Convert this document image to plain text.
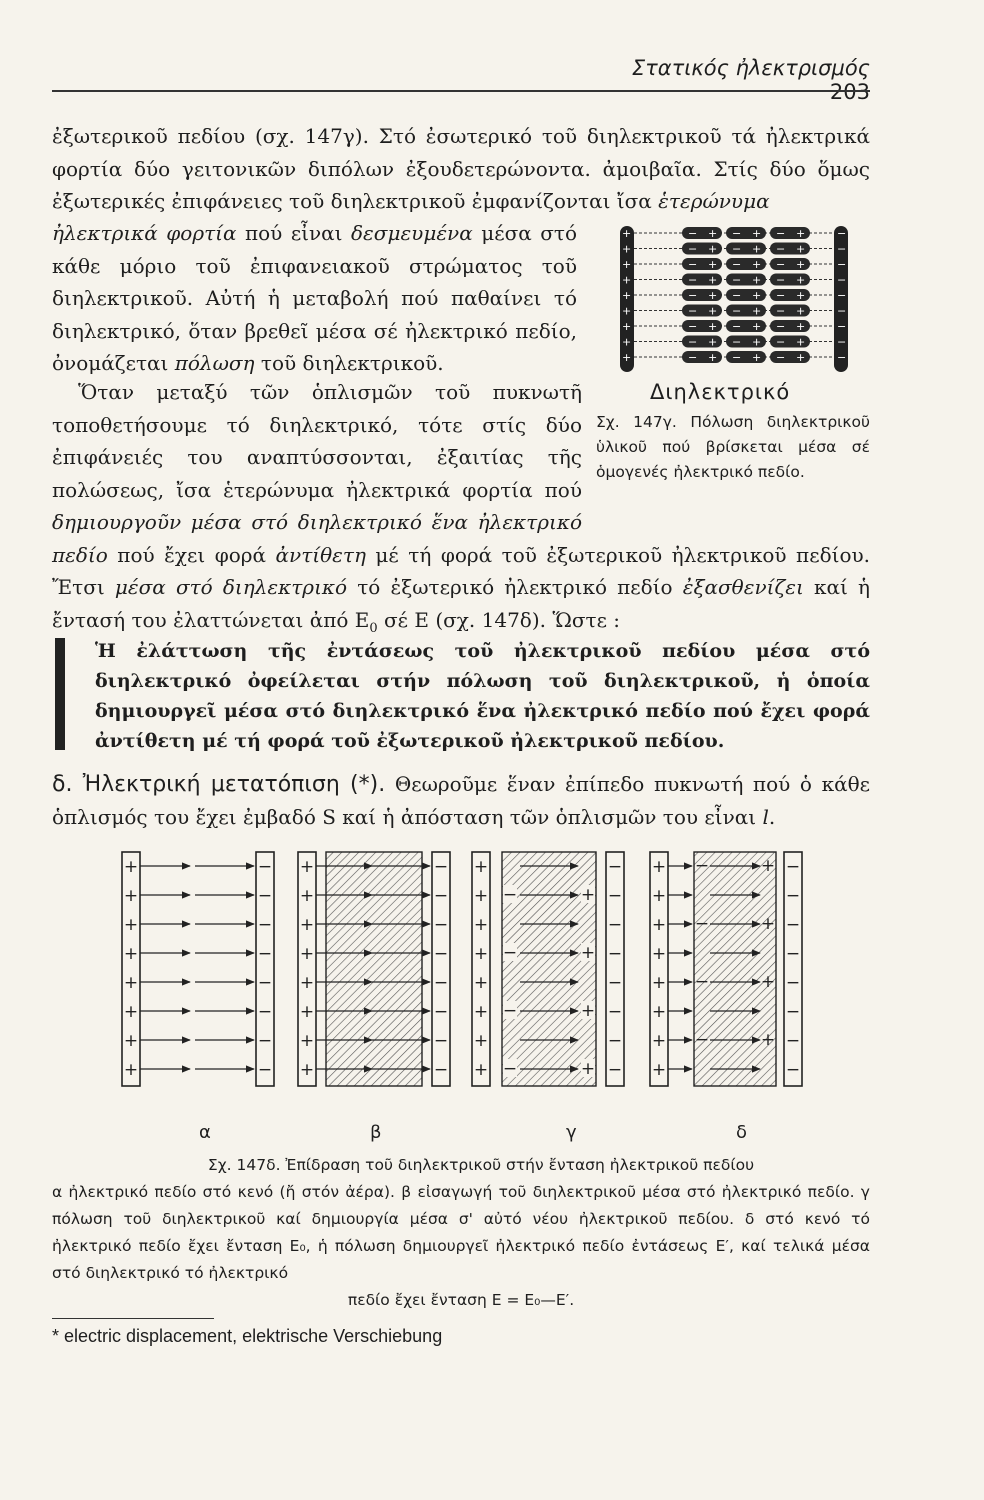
Στατικός ἠλεκτρισμός 203
ἐξωτερικοῦ πεδίου (σχ. 147γ). Στό ἐσωτερικό τοῦ διηλεκτρικοῦ τά ἠλεκτρικά φορτία δύο γειτονικῶν διπόλων ἐξουδετερώνοντα. ἀμοιβαῖα. Στίς δύο ὅμως ἐξωτερικές ἐπιφάνειες τοῦ διηλεκτρικοῦ ἐμφανίζονται ἴσα ἑτερώνυμα
ἠλεκτρικά φορτία πού εἶναι δεσμευμένα μέσα στό κάθε μόριο τοῦ ἐπιφανειακοῦ στρώματος τοῦ διηλεκτρικοῦ. Αὐτή ἡ μεταβολή πού παθαίνει τό διηλεκτρικό, ὅταν βρεθεῖ μέσα σέ ἠλεκτρικό πεδίο, ὀνομάζεται πόλωση τοῦ διηλεκτρικοῦ.
+	−
− + − + − +
+	−
− + − + − +
+	−
− + − + − +
+	−
− + − + − +
+	−
− + − + − +
+	−
− + − + − +
+	−
− + − + − +
+	−
− + − + − +
+	−
− + − + − +
Διηλεκτρικό
Σχ. 147γ. Πόλωση διηλεκτρικοῦ ὑλικοῦ πού βρίσκεται μέσα σέ ὁμογενές ἠλεκτρικό πεδίο.
Ὅταν μεταξύ τῶν ὁπλισμῶν τοῦ πυκνωτῆ τοποθετήσουμε τό διηλεκτρικό, τότε στίς δύο ἐπιφάνειές του αναπτύσσονται, ἐξαιτίας τῆς πολώσεως, ἴσα ἑτερώνυμα ἠλεκτρικά φορτία πού δημιουργοῦν μέσα στό διηλεκτρικό ἕνα ἠλεκτρικό πεδίο πού ἔχει φορά ἀντίθετη μέ τή φορά τοῦ ἐξωτερικοῦ ἠλεκτρικοῦ πεδίου. Ἔτσι μέσα στό διηλεκτρικό τό ἐξωτερικό ἠλεκτρικό πεδίο ἐξασθενίζει καί ἡ ἔντασή του ἐλαττώνεται ἀπό $E_0$ σέ E (σχ. 147δ). Ὥστε :
Ἡ ἐλάττωση τῆς ἐντάσεως τοῦ ἠλεκτρικοῦ πεδίου μέσα στό διηλεκτρικό ὀφείλεται στήν πόλωση τοῦ διηλεκτρικοῦ, ἡ ὁποία δημιουργεῖ μέσα στό διηλεκτρικό ἕνα ἠλεκτρικό πεδίο πού ἔχει φορά ἀντίθετη μέ τή φορά τοῦ ἐξωτερικοῦ ἠλεκτρικοῦ πεδίου.
δ. Ἠλεκτρική μετατόπιση (*). Θεωροῦμε ἕναν ἐπίπεδο πυκνωτή πού ὁ κάθε ὁπλισμός του ἔχει ἐμβαδό S καί ἡ ἀπόσταση τῶν ὁπλισμῶν του εἶναι l.
+
+
+
+
+
+
+
+
−
−
−
−
−
−
−
−
+
+
+
+
+
+
+
+
−
−
−
−
−
−
−
−
+
+
+
+
+
+
+
+
−
−
−
−
−
−
−
−
−	+
−	+
−	+
−	+
+
+
+
+
+
+
+
+
−
−
−
−
−
−
−
−
−	+
−	+
−	+
−	+
α	β	γ	δ
Σχ. 147δ. Ἐπίδραση τοῦ διηλεκτρικοῦ στήν ἔνταση ἠλεκτρικοῦ πεδίου
α ἠλεκτρικό πεδίο στό κενό (ἤ στόν ἀέρα). β εἰσαγωγή τοῦ διηλεκτρικοῦ μέσα στό ἠλεκτρικό πεδίο. γ πόλωση τοῦ διηλεκτρικοῦ καί δημιουργία μέσα σ' αὐτό νέου ἠλεκτρικοῦ πεδίου. δ στό κενό τό ἠλεκτρικό πεδίο ἔχει ἔνταση E₀, ἡ πόλωση δημιουργεῖ ἠλεκτρικό πεδίο ἐντάσεως E′, καί τελικά μέσα στό διηλεκτρικό τό ἠλεκτρικό
πεδίο ἔχει ἔνταση E = E₀—E′.
* electric displacement, elektrische Verschiebung
